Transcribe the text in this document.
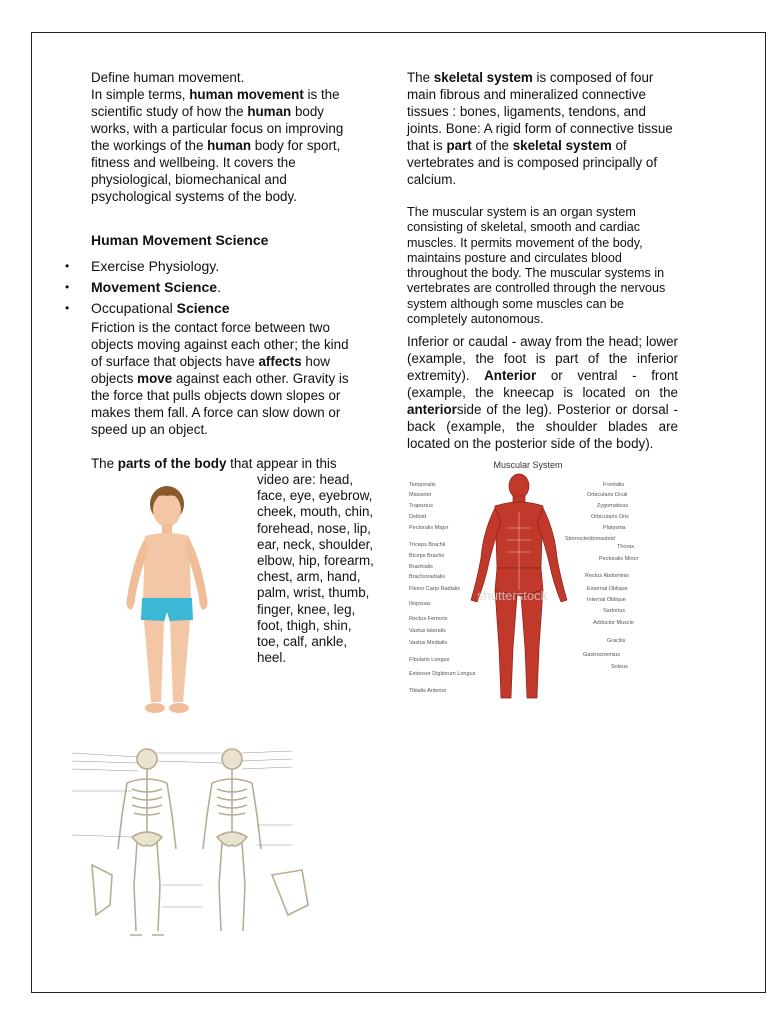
Define human movement.

In simple terms, human movement is the scientific study of how the human body works, with a particular focus on improving the workings of the human body for sport, fitness and wellbeing. It covers the physiological, biomechanical and psychological systems of the body.

Human Movement Science

• Exercise Physiology.
• Movement Science.
• Occupational Science

Friction is the contact force between two objects moving against each other; the kind of surface that objects have affects how objects move against each other. Gravity is the force that pulls objects down slopes or makes them fall. A force can slow down or speed up an object.

The parts of the body that appear in this

video are: head, face, eye, eyebrow, cheek, mouth, chin, forehead, nose, lip, ear, neck, shoulder, elbow, hip, forearm, chest, arm, hand, palm, wrist, thumb, finger, knee, leg, foot, thigh, shin, toe, calf, ankle, heel.

The skeletal system is composed of four main fibrous and mineralized connective tissues : bones, ligaments, tendons, and joints. Bone: A rigid form of connective tissue that is part of the skeletal system of vertebrates and is composed principally of calcium.

The muscular system is an organ system consisting of skeletal, smooth and cardiac muscles. It permits movement of the body, maintains posture and circulates blood throughout the body. The muscular systems in vertebrates are controlled through the nervous system although some muscles can be completely autonomous.

Inferior or caudal - away from the head; lower (example, the foot is part of the inferior extremity). Anterior or ventral - front (example, the kneecap is located on the anteriorside of the leg). Posterior or dorsal - back (example, the shoulder blades are located on the posterior side of the body).

Muscular System
shutterstock
Temporalis
Masseter
Trapezius
Deltoid
Pectoralis Major
Triceps Brachii
Biceps Brachii
Brachialis
Brachioradialis
Flexor Carpi Radialis
Iliopsoas
Rectus Femoris
Vastus lateralis
Vastus Medialis
Fibularis Longus
Extensor Digitorum Longus
Tibialis Anterior
Frontalis
Orbicularis Oculi
Zygomaticus
Orbicularis Oris
Platysma
Sternocleidomastoid
Thorax
Pectoralis Minor
Rectus Abdominis
External Oblique
Internal Oblique
Sartorius
Adductor Muscle
Gracilis
Gastrocnemius
Soleus
